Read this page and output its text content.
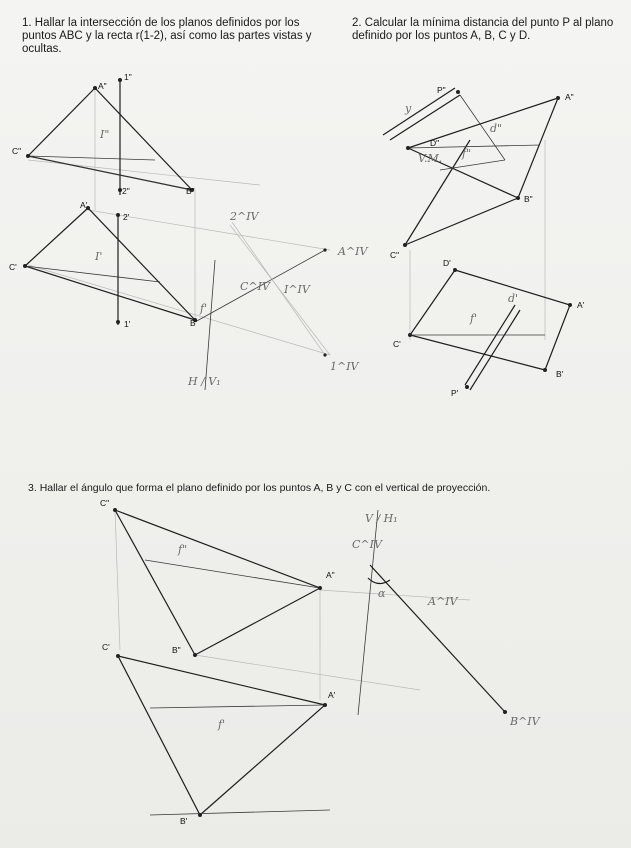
1. Hallar la intersección de los planos definidos por los puntos ABC y la recta r(1-2), así como las partes vistas y ocultas.
2. Calcular la mínima distancia del punto P al plano definido por los puntos A, B, C y D.
3. Hallar el ángulo que forma el plano definido por los puntos A, B y C con el vertical de proyección.
A"
1"
C"
2"	B"
A'
2'
C'
1'	B'
I"
I'
I^IV
A^IV
C^IV
2^IV
1^IV
f'
H / V₁
P"
A"
D"
B"
C"
D'
A'
C'
B'
P'
y
d"
f"
V.M.
d'
f'
C"
A"
B"
C'
A'
B'
f"
f'
C^IV
A^IV
B^IV
α
V / H₁
